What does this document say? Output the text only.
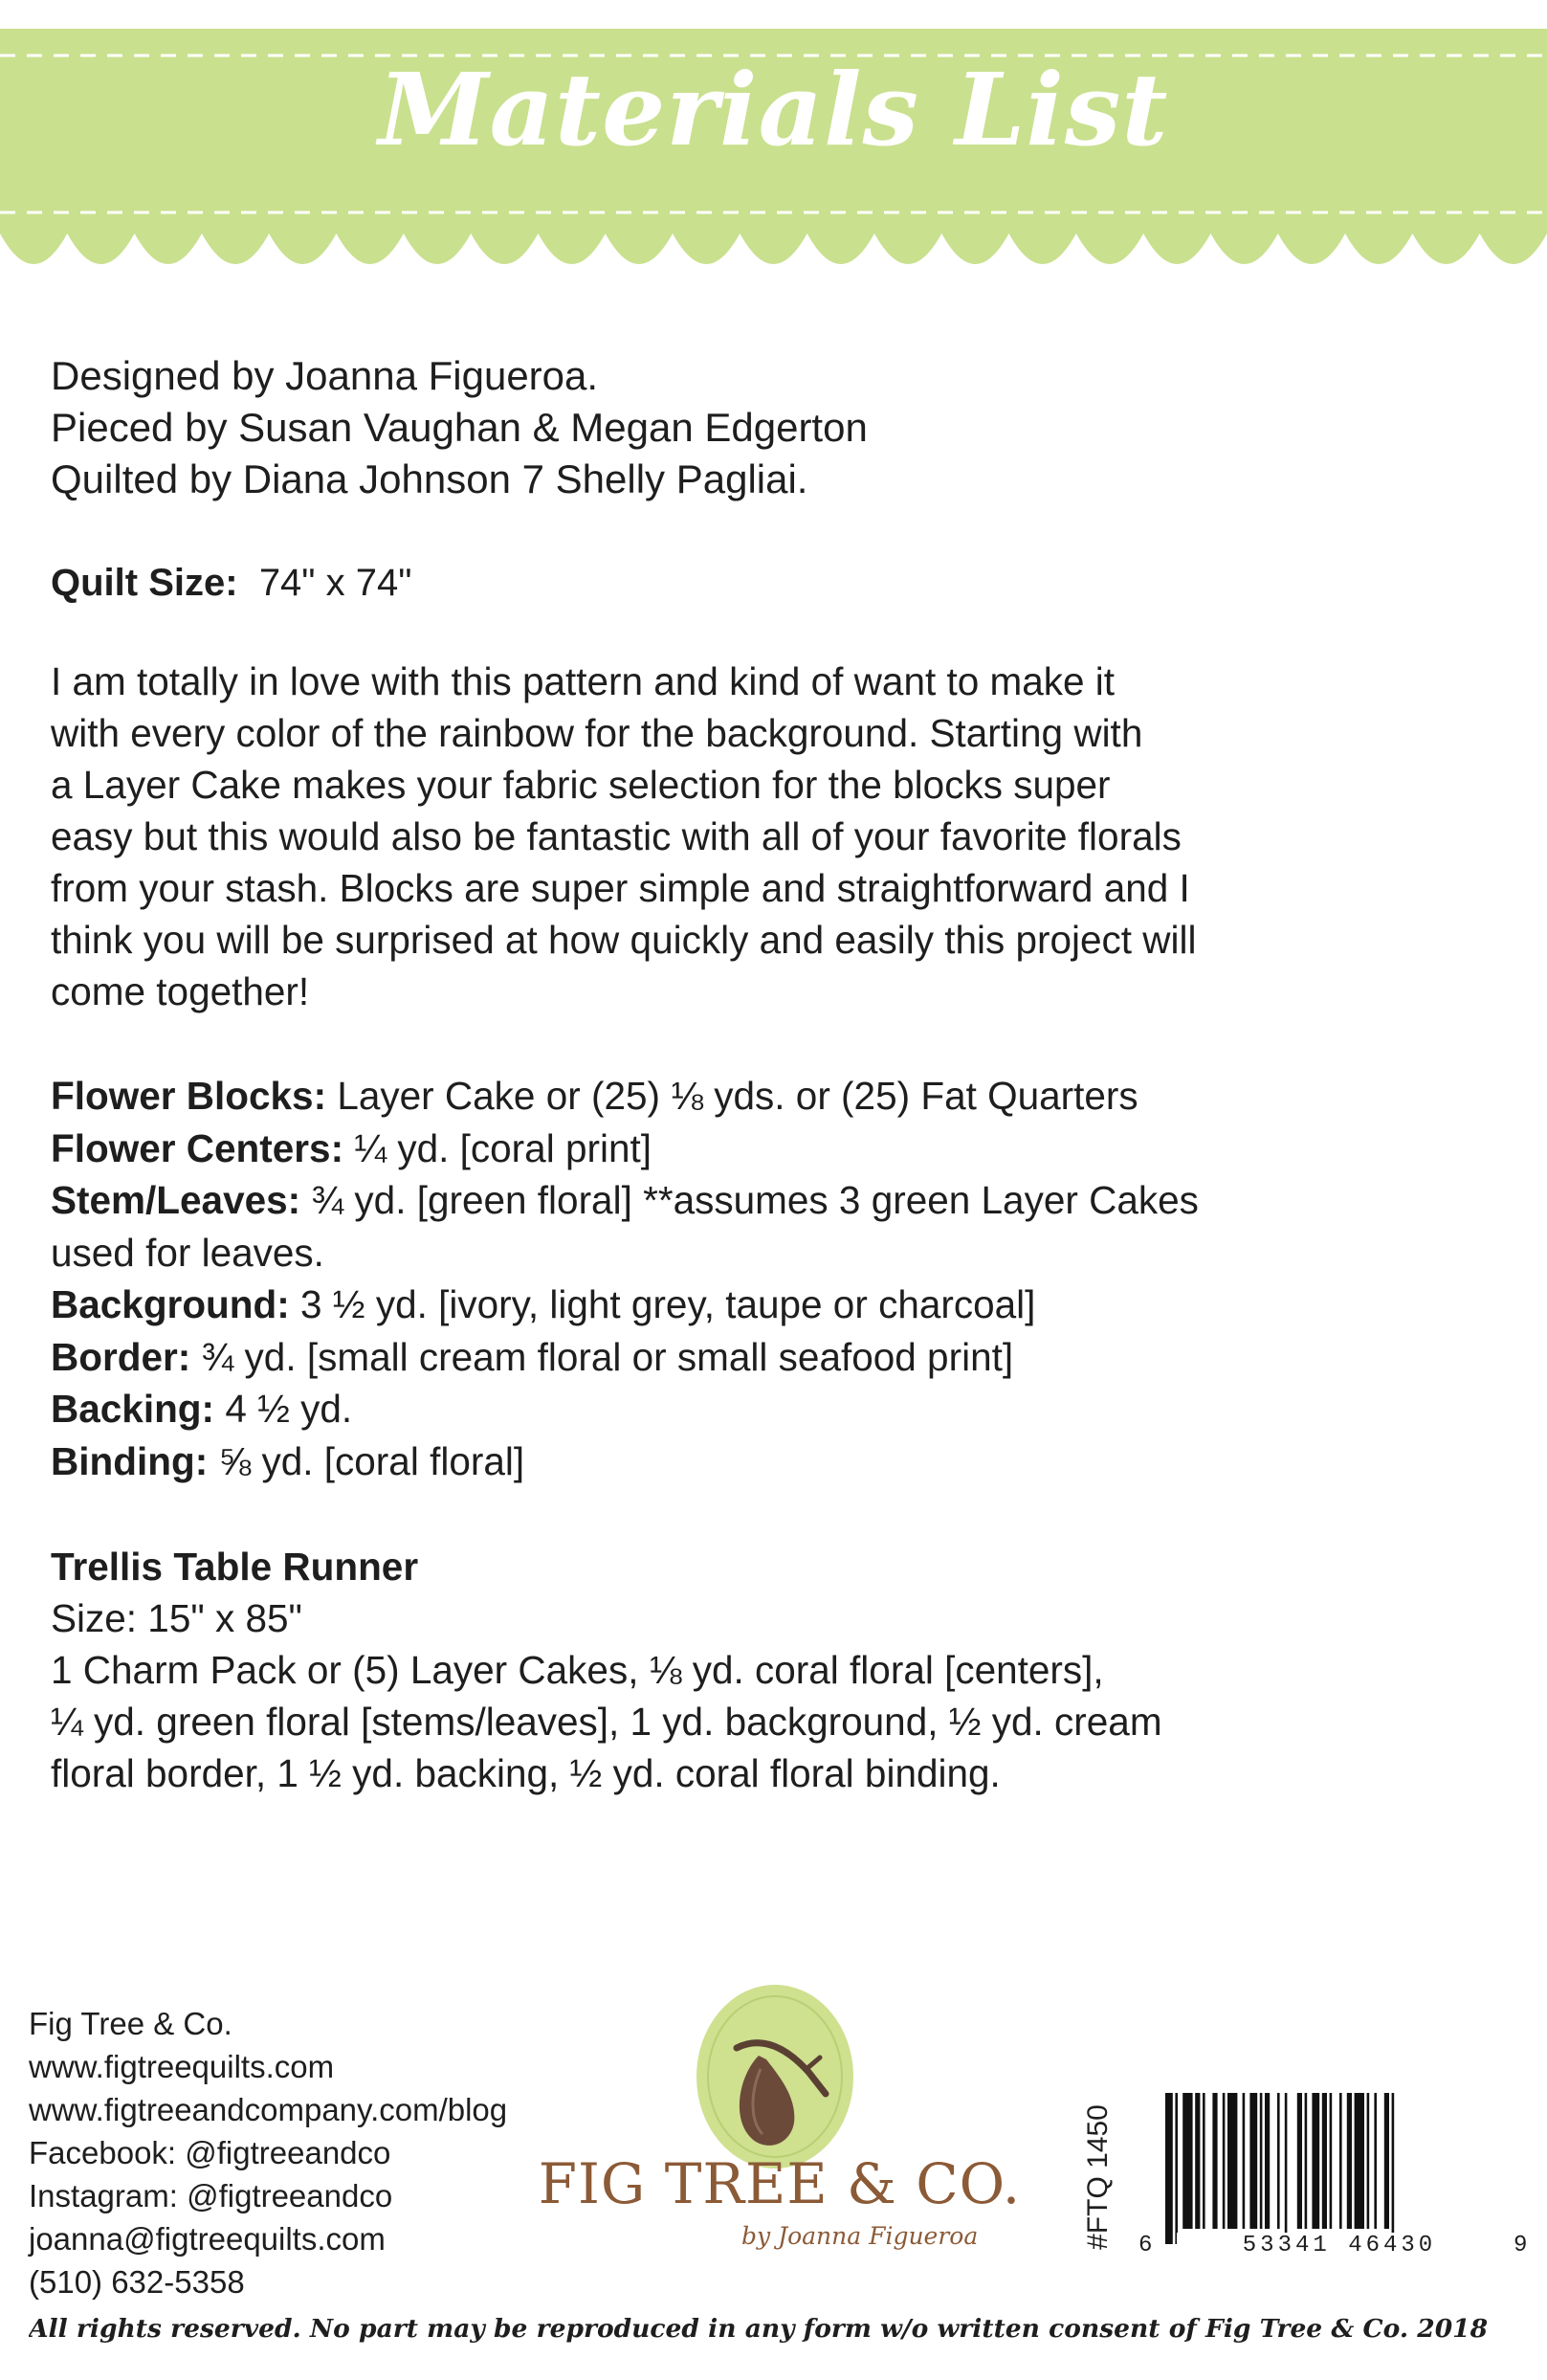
Materials List
Designed by Joanna Figueroa.
Pieced by Susan Vaughan & Megan Edgerton
Quilted by Diana Johnson 7 Shelly Pagliai.
Quilt Size: 74" x 74"
I am totally in love with this pattern and kind of want to make it
with every color of the rainbow for the background. Starting with
a Layer Cake makes your fabric selection for the blocks super
easy but this would also be fantastic with all of your favorite florals
from your stash. Blocks are super simple and straightforward and I
think you will be surprised at how quickly and easily this project will
come together!
Flower Blocks: Layer Cake or (25) ⅛ yds. or (25) Fat Quarters
Flower Centers: ¼ yd. [coral print]
Stem/Leaves: ¾ yd. [green floral] **assumes 3 green Layer Cakes
used for leaves.
Background: 3 ½ yd. [ivory, light grey, taupe or charcoal]
Border: ¾ yd. [small cream floral or small seafood print]
Backing: 4 ½ yd.
Binding: ⅝ yd. [coral floral]
Trellis Table Runner
Size: 15" x 85"
1 Charm Pack or (5) Layer Cakes, ⅛ yd. coral floral [centers],
¼ yd. green floral [stems/leaves], 1 yd. background, ½ yd. cream
floral border, 1 ½ yd. backing, ½ yd. coral floral binding.
Fig Tree & Co.
www.figtreequilts.com
www.figtreeandcompany.com/blog
Facebook: @figtreeandco
Instagram: @figtreeandco
joanna@figtreequilts.com
(510) 632-5358
FIG TREE & CO.
by Joanna Figueroa	#FTQ 1450 6	53341 46430	9
All rights reserved. No part may be reproduced in any form w/o written consent of Fig Tree & Co. 2018
